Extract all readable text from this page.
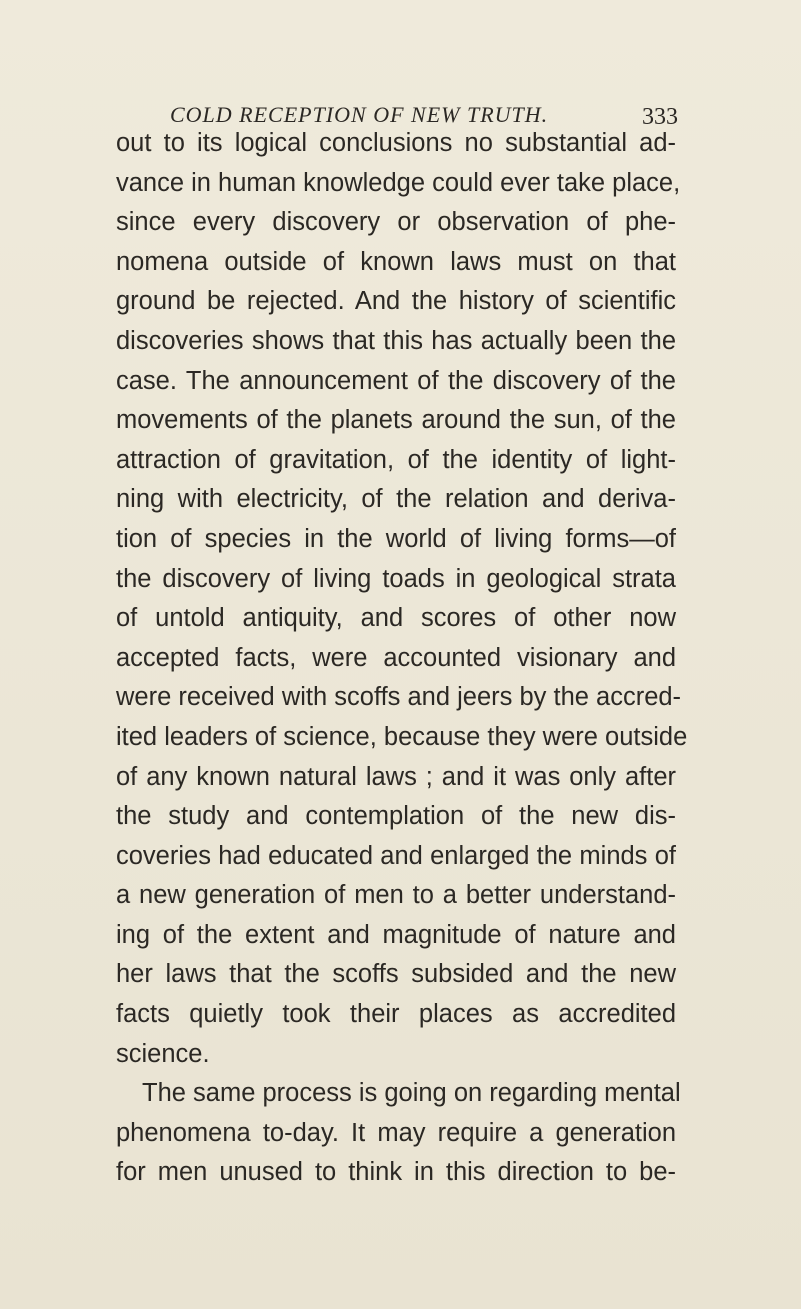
COLD RECEPTION OF NEW TRUTH.	333
out to its logical conclusions no substantial ad-
vance in human knowledge could ever take place,
since every discovery or observation of phe-
nomena outside of known laws must on that
ground be rejected. And the history of scientific
discoveries shows that this has actually been the
case. The announcement of the discovery of the
movements of the planets around the sun, of the
attraction of gravitation, of the identity of light-
ning with electricity, of the relation and deriva-
tion of species in the world of living forms—of
the discovery of living toads in geological strata
of untold antiquity, and scores of other now
accepted facts, were accounted visionary and
were received with scoffs and jeers by the accred-
ited leaders of science, because they were outside
of any known natural laws ; and it was only after
the study and contemplation of the new dis-
coveries had educated and enlarged the minds of
a new generation of men to a better understand-
ing of the extent and magnitude of nature and
her laws that the scoffs subsided and the new
facts quietly took their places as accredited
science.
The same process is going on regarding mental
phenomena to-day. It may require a generation
for men unused to think in this direction to be-
